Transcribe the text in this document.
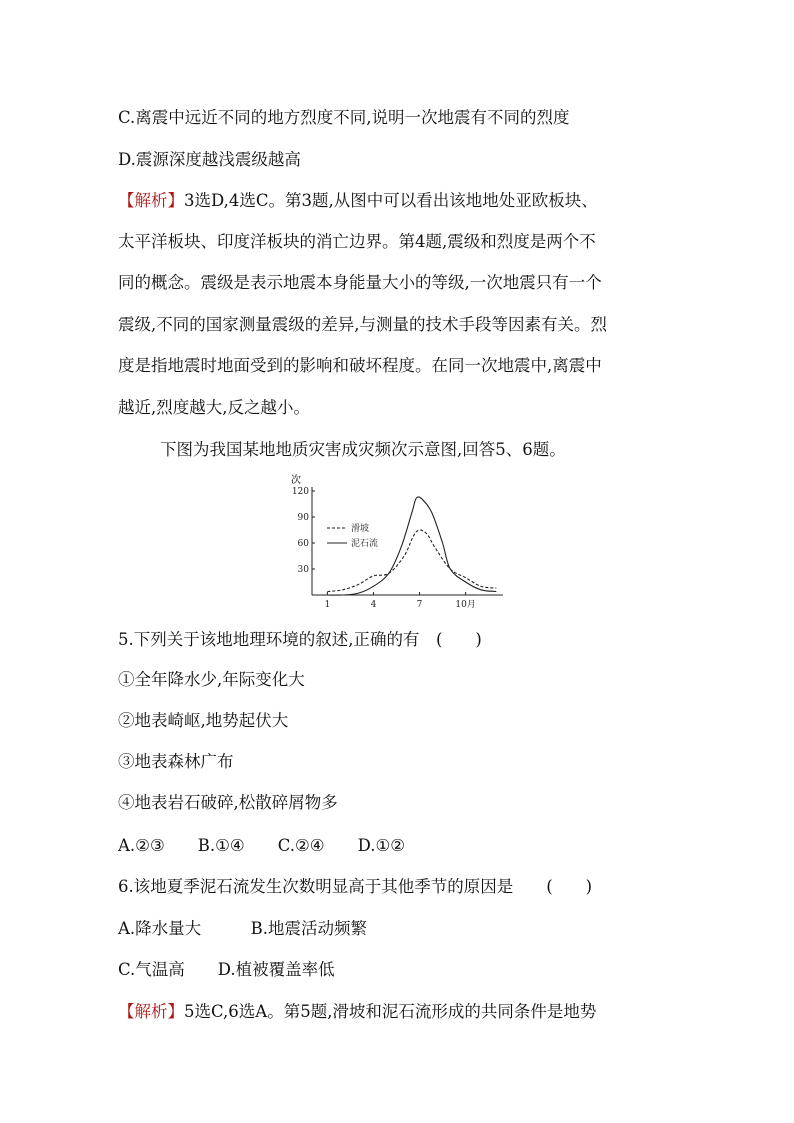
C.离震中远近不同的地方烈度不同,说明一次地震有不同的烈度
D.震源深度越浅震级越高
【解析】3选D,4选C。第3题,从图中可以看出该地地处亚欧板块、
太平洋板块、印度洋板块的消亡边界。第4题,震级和烈度是两个不
同的概念。震级是表示地震本身能量大小的等级,一次地震只有一个
震级,不同的国家测量震级的差异,与测量的技术手段等因素有关。烈
度是指地震时地面受到的影响和破坏程度。在同一次地震中,离震中
越近,烈度越大,反之越小。
下图为我国某地地质灾害成灾频次示意图,回答5、6题。
次
30
60
90
120
1	4	7	10月
滑坡
泥石流
5.下列关于该地地理环境的叙述,正确的有　(　　)
①全年降水少,年际变化大
②地表崎岖,地势起伏大
③地表森林广布
④地表岩石破碎,松散碎屑物多
A.②③　　B.①④　　C.②④　　D.①②
6.该地夏季泥石流发生次数明显高于其他季节的原因是　　(　　)
A.降水量大　　　B.地震活动频繁
C.气温高　　D.植被覆盖率低
【解析】5选C,6选A。第5题,滑坡和泥石流形成的共同条件是地势
